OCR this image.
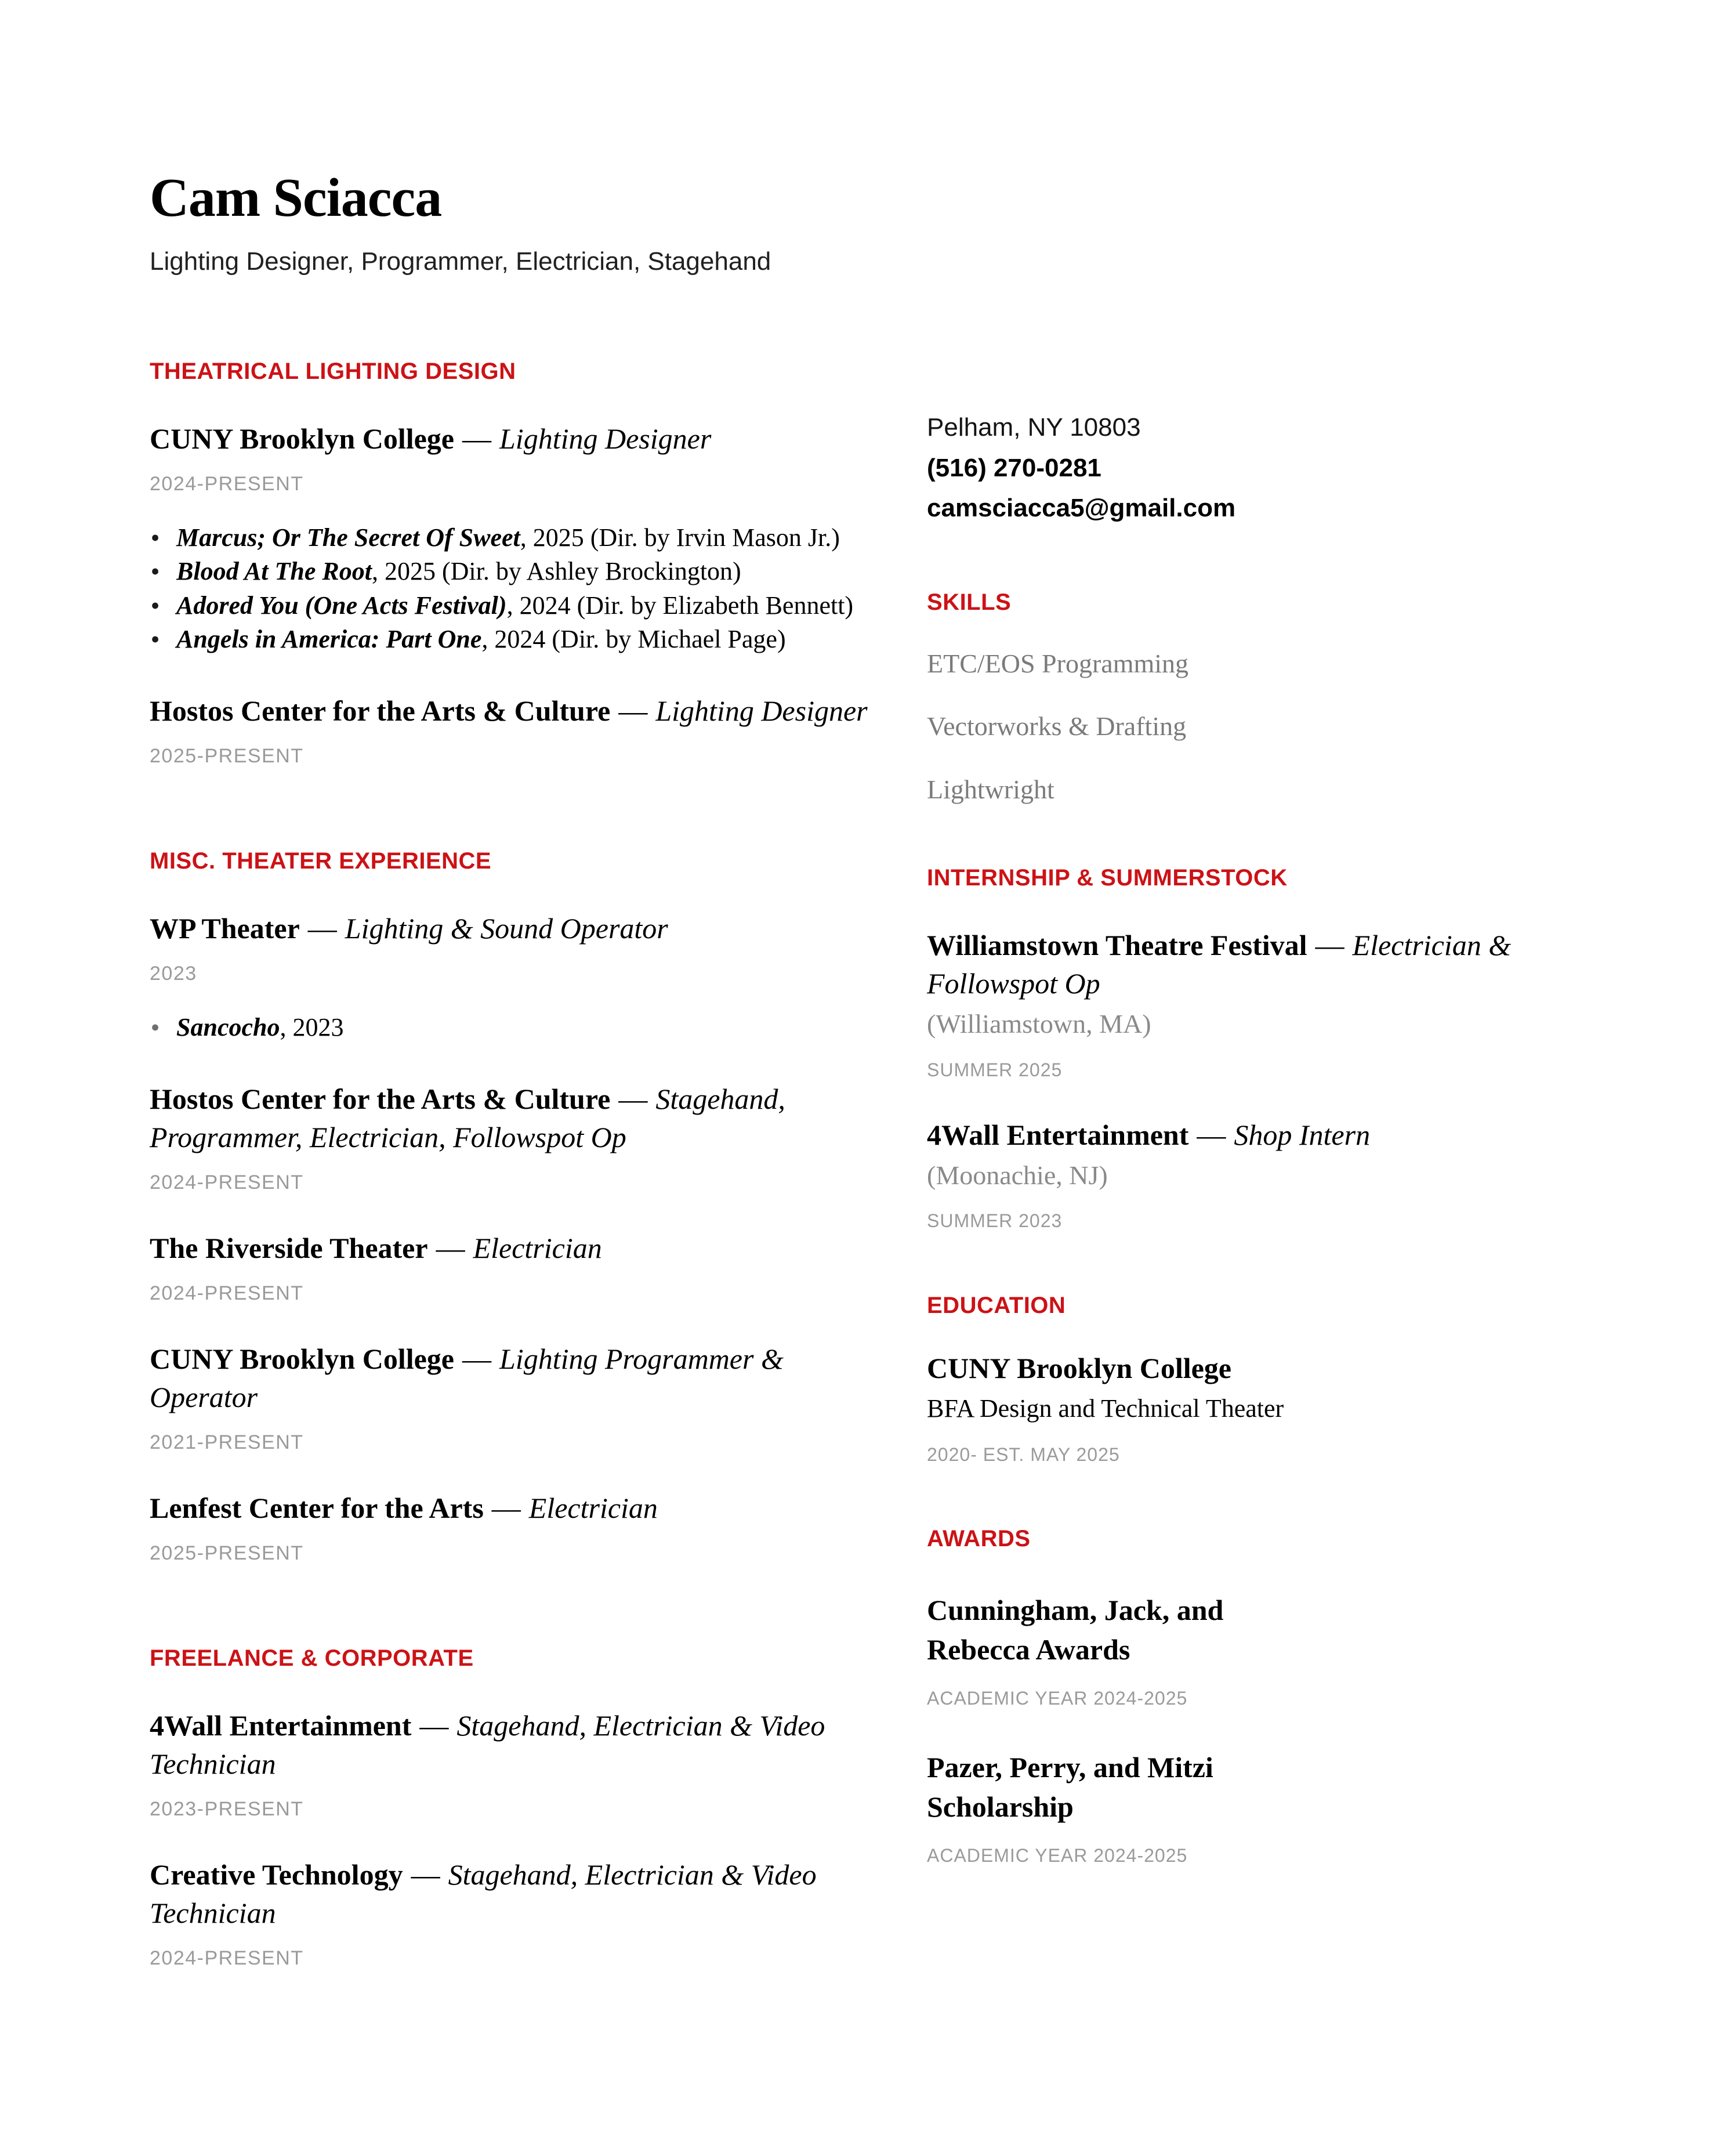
Cam Sciacca
Lighting Designer, Programmer, Electrician, Stagehand
THEATRICAL LIGHTING DESIGN
CUNY Brooklyn College — Lighting Designer
2024-PRESENT
● Marcus; Or The Secret Of Sweet, 2025 (Dir. by Irvin Mason Jr.)
● Blood At The Root, 2025 (Dir. by Ashley Brockington)
● Adored You (One Acts Festival), 2024 (Dir. by Elizabeth Bennett)
● Angels in America: Part One, 2024 (Dir. by Michael Page)
Hostos Center for the Arts & Culture — Lighting Designer
2025-PRESENT
MISC. THEATER EXPERIENCE
WP Theater — Lighting & Sound Operator
2023
● Sancocho, 2023
Hostos Center for the Arts & Culture — Stagehand, Programmer, Electrician, Followspot Op
2024-PRESENT
The Riverside Theater — Electrician
2024-PRESENT
CUNY Brooklyn College — Lighting Programmer & Operator
2021-PRESENT
Lenfest Center for the Arts — Electrician
2025-PRESENT
FREELANCE & CORPORATE
4Wall Entertainment — Stagehand, Electrician & Video Technician
2023-PRESENT
Creative Technology — Stagehand, Electrician & Video Technician
2024-PRESENT
Pelham, NY 10803
(516) 270-0281
camsciacca5@gmail.com
SKILLS
ETC/EOS Programming
Vectorworks & Drafting
Lightwright
INTERNSHIP & SUMMERSTOCK
Williamstown Theatre Festival — Electrician & Followspot Op
(Williamstown, MA)
SUMMER 2025
4Wall Entertainment — Shop Intern
(Moonachie, NJ)
SUMMER 2023
EDUCATION
CUNY Brooklyn College
BFA Design and Technical Theater
2020- EST. MAY 2025
AWARDS
Cunningham, Jack, and Rebecca Awards
ACADEMIC YEAR 2024-2025
Pazer, Perry, and Mitzi Scholarship
ACADEMIC YEAR 2024-2025
